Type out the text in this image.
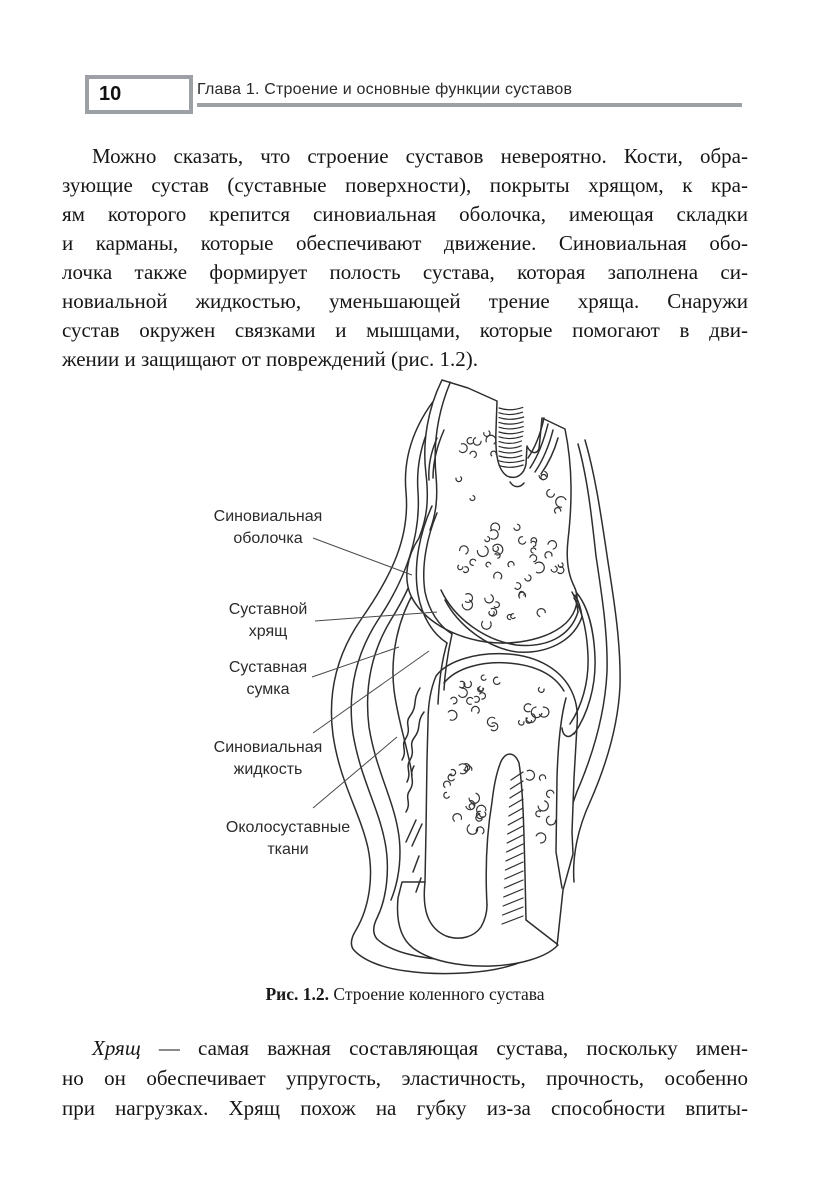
10	Глава 1. Строение и основные функции суставов
Можно сказать, что строение суставов невероятно. Кости, обра-
зующие сустав (суставные поверхности), покрыты хрящом, к кра-
ям которого крепится синовиальная оболочка, имеющая складки
и карманы, которые обеспечивают движение. Синовиальная обо-
лочка также формирует полость сустава, которая заполнена си-
новиальной жидкостью, уменьшающей трение хряща. Снаружи
сустав окружен связками и мышцами, которые помогают в дви-
жении и защищают от повреждений (рис. 1.2).
Синовиальная
оболочка
Суставной
хрящ
Суставная
сумка
Синовиальная
жидкость
Околосуставные
ткани
Рис. 1.2. Строение коленного сустава
Хрящ — самая важная составляющая сустава, поскольку имен-
но он обеспечивает упругость, эластичность, прочность, особенно
при нагрузках. Хрящ похож на губку из-за способности впиты-
